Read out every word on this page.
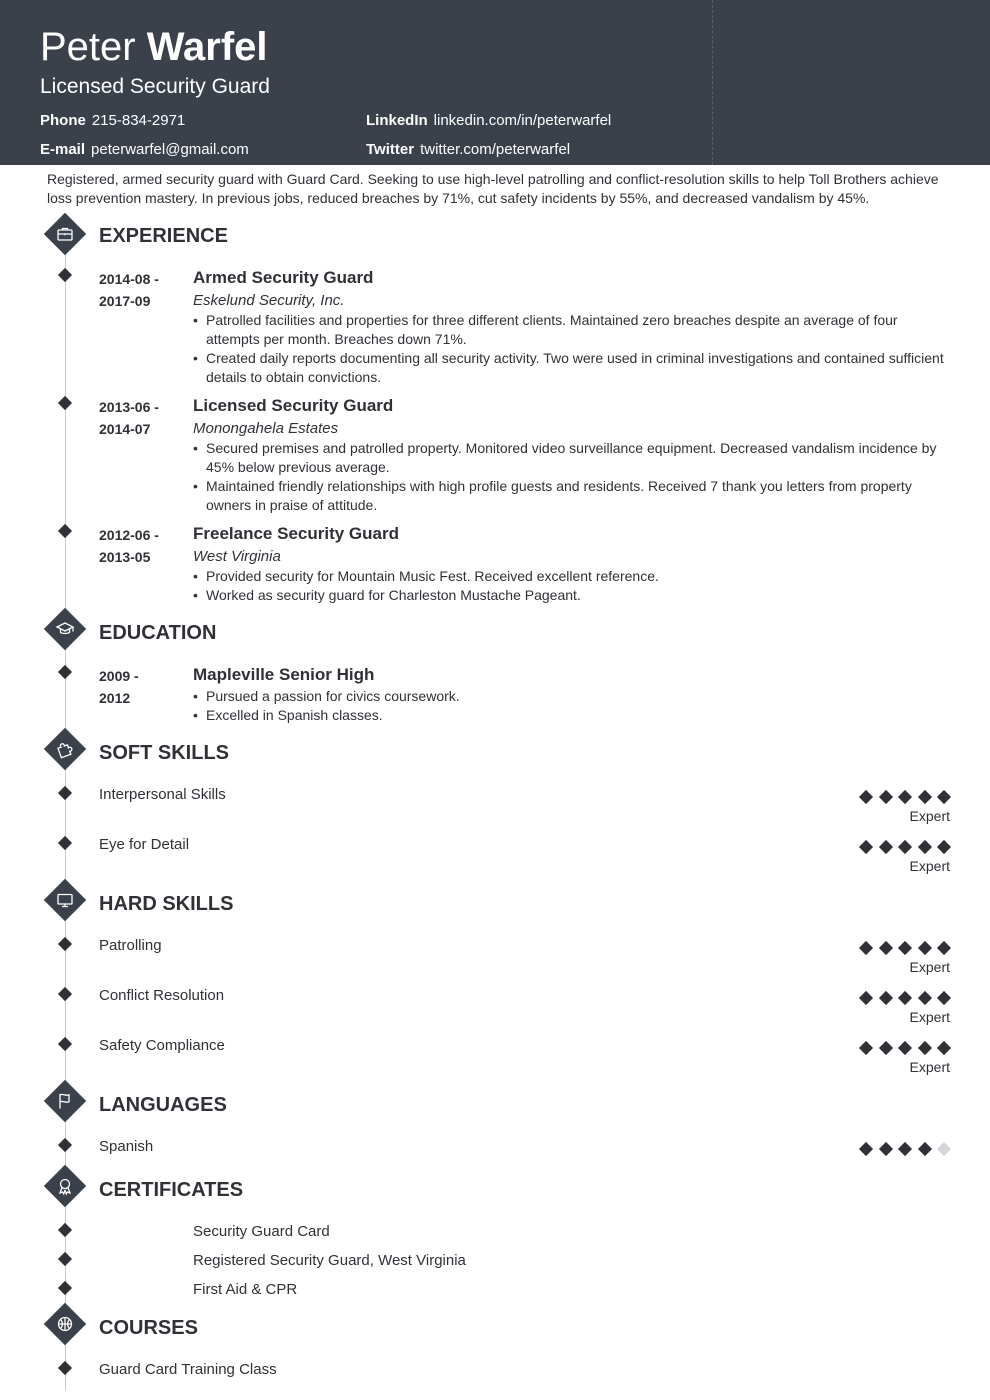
Peter Warfel
Licensed Security Guard
Phone 215-834-2971
E-mail peterwarfel@gmail.com
LinkedIn linkedin.com/in/peterwarfel
Twitter twitter.com/peterwarfel
Registered, armed security guard with Guard Card. Seeking to use high-level patrolling and conflict-resolution skills to help Toll Brothers achieve loss prevention mastery. In previous jobs, reduced breaches by 71%, cut safety incidents by 55%, and decreased vandalism by 45%.
EXPERIENCE
2014-08 -
2017-09
Armed Security Guard
Eskelund Security, Inc.
• Patrolled facilities and properties for three different clients. Maintained zero breaches despite an average of four attempts per month. Breaches down 71%.
• Created daily reports documenting all security activity. Two were used in criminal investigations and contained sufficient details to obtain convictions.
2013-06 -
2014-07
Licensed Security Guard
Monongahela Estates
• Secured premises and patrolled property. Monitored video surveillance equipment. Decreased vandalism incidence by 45% below previous average.
• Maintained friendly relationships with high profile guests and residents. Received 7 thank you letters from property owners in praise of attitude.
2012-06 -
2013-05
Freelance Security Guard
West Virginia
• Provided security for Mountain Music Fest. Received excellent reference.
• Worked as security guard for Charleston Mustache Pageant.
EDUCATION
2009 -
2012
Mapleville Senior High
• Pursued a passion for civics coursework.
• Excelled in Spanish classes.
SOFT SKILLS
Interpersonal Skills
Expert
Eye for Detail
Expert
HARD SKILLS
Patrolling
Expert
Conflict Resolution
Expert
Safety Compliance
Expert
LANGUAGES
Spanish
CERTIFICATES
Security Guard Card
Registered Security Guard, West Virginia
First Aid & CPR
COURSES
Guard Card Training Class
